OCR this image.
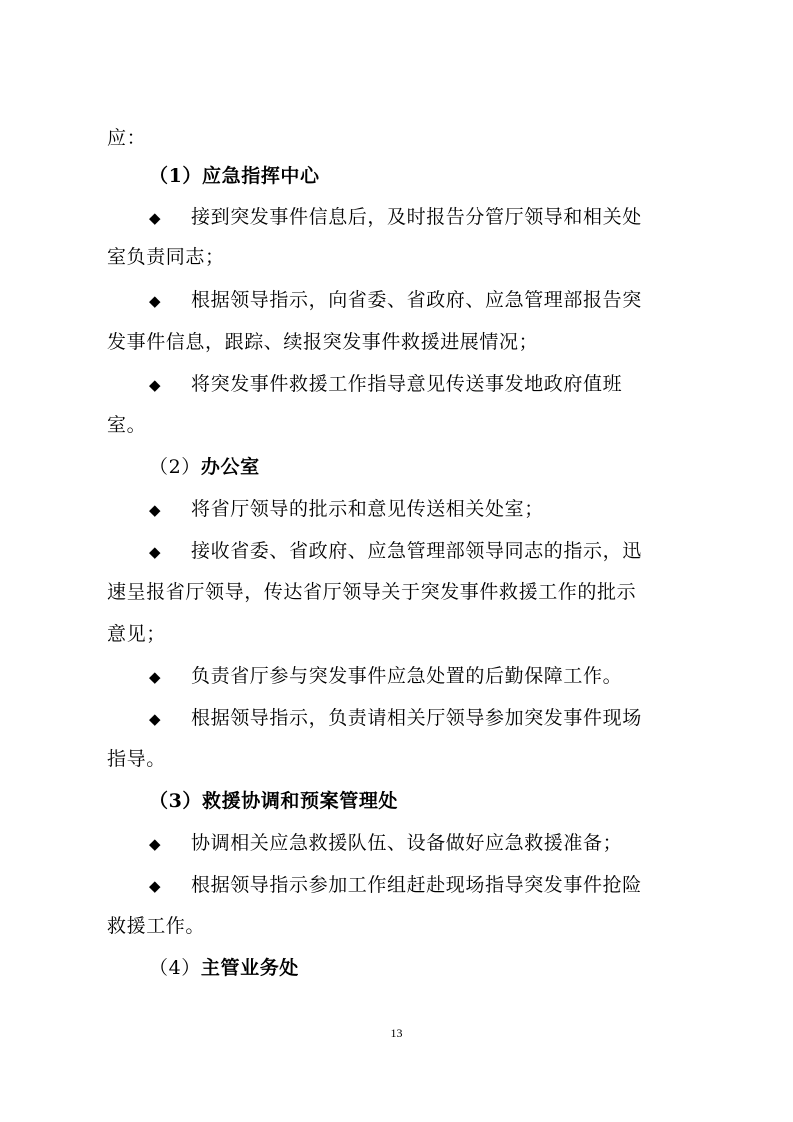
应：
（1）应急指挥中心
◆ 接到突发事件信息后，及时报告分管厅领导和相关处
室负责同志；
◆ 根据领导指示，向省委、省政府、应急管理部报告突
发事件信息，跟踪、续报突发事件救援进展情况；
◆ 将突发事件救援工作指导意见传送事发地政府值班
室。
（2）办公室
◆ 将省厅领导的批示和意见传送相关处室；
◆ 接收省委、省政府、应急管理部领导同志的指示，迅
速呈报省厅领导，传达省厅领导关于突发事件救援工作的批示
意见；
◆ 负责省厅参与突发事件应急处置的后勤保障工作。
◆ 根据领导指示，负责请相关厅领导参加突发事件现场
指导。
（3）救援协调和预案管理处
◆ 协调相关应急救援队伍、设备做好应急救援准备；
◆ 根据领导指示参加工作组赶赴现场指导突发事件抢险
救援工作。
（4）主管业务处
13
